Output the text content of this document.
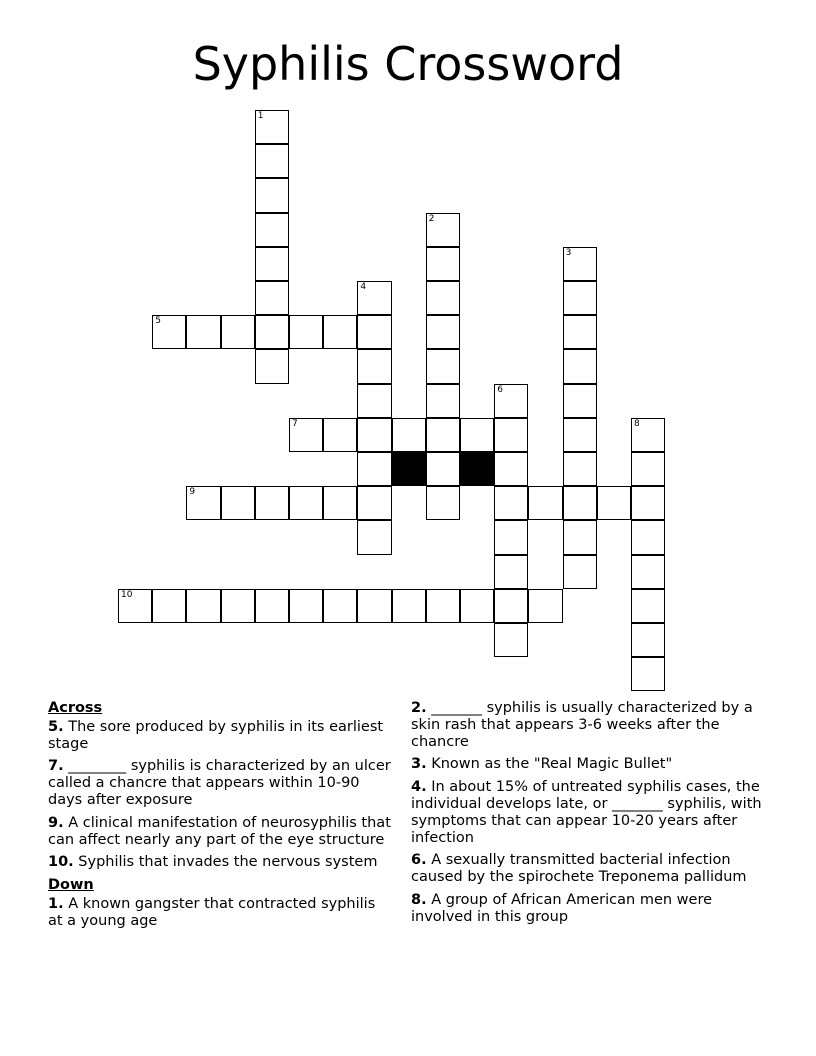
Syphilis Crossword
1
2
3
4
5
6
8
7
9
10
Across
5. The sore produced by syphilis in its earliest stage
7. ________ syphilis is characterized by an ulcer called a chancre that appears within 10-90 days after exposure
9. A clinical manifestation of neurosyphilis that can affect nearly any part of the eye structure
10. Syphilis that invades the nervous system
Down
1. A known gangster that contracted syphilis at a young age
2. _______ syphilis is usually characterized by a skin rash that appears 3-6 weeks after the chancre
3. Known as the "Real Magic Bullet"
4. In about 15% of untreated syphilis cases, the individual develops late, or _______ syphilis, with symptoms that can appear 10-20 years after infection
6. A sexually transmitted bacterial infection caused by the spirochete Treponema pallidum
8. A group of African American men were involved in this group
